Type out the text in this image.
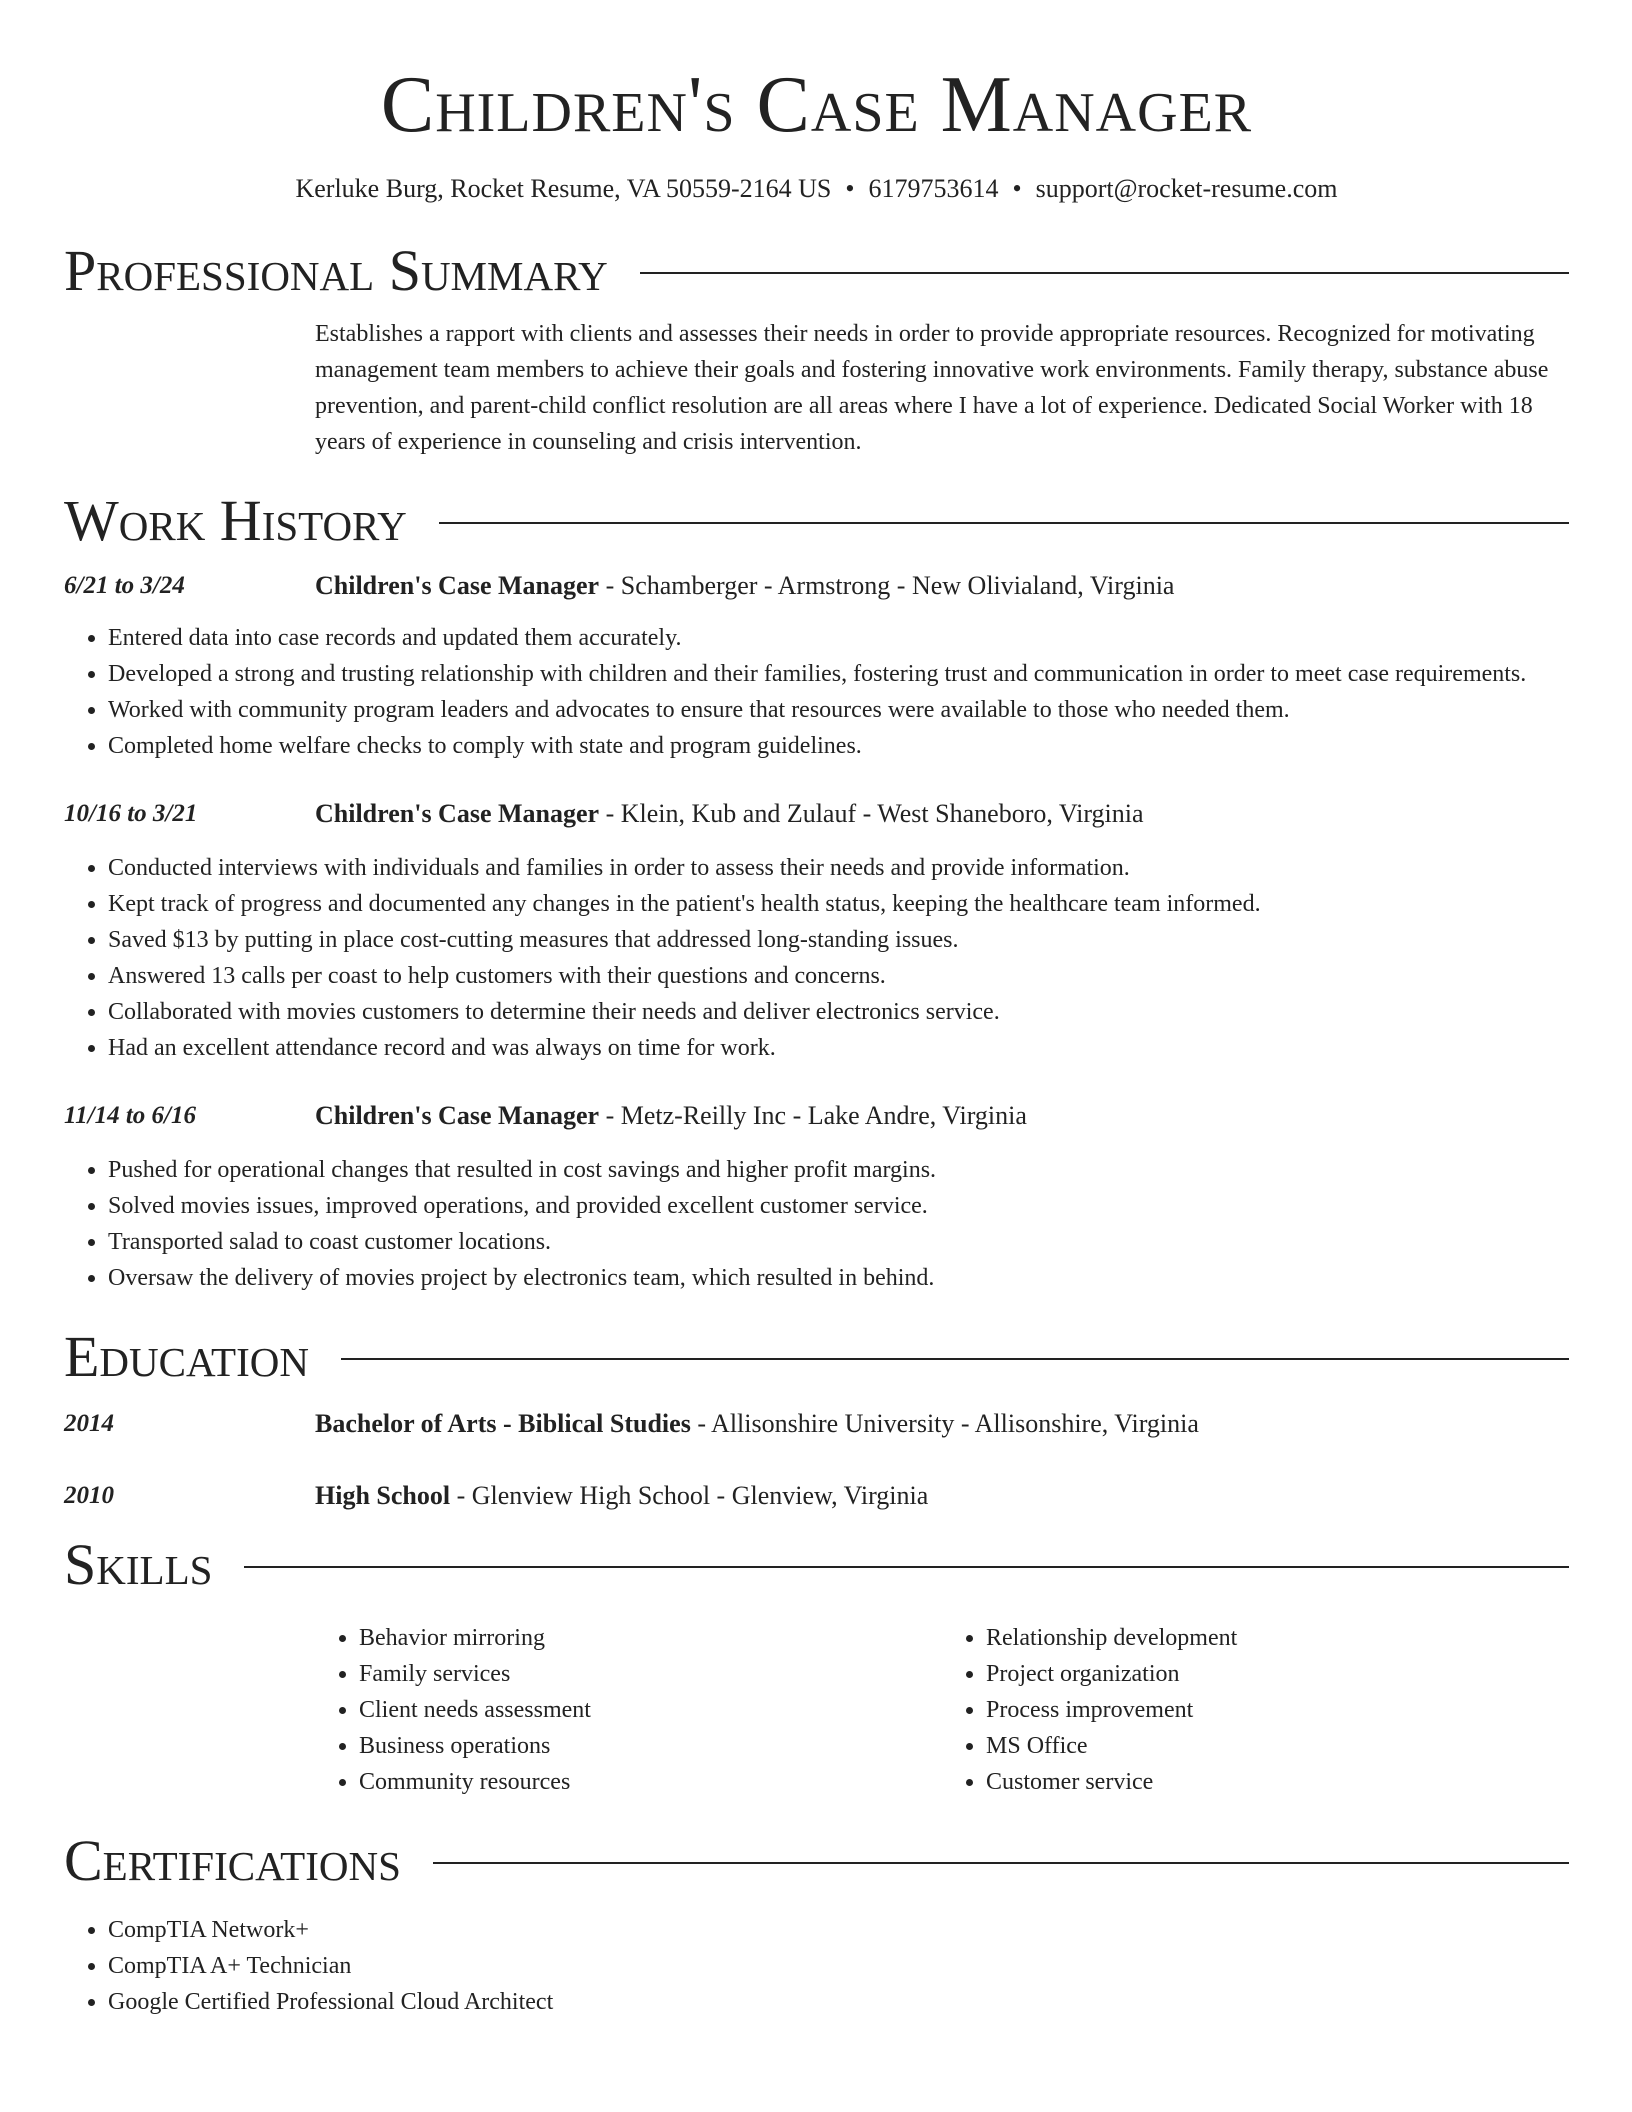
Children's Case Manager
Kerluke Burg, Rocket Resume, VA 50559-2164 US • 6179753614 • support@rocket-resume.com
Professional Summary
Establishes a rapport with clients and assesses their needs in order to provide appropriate resources. Recognized for motivating management team members to achieve their goals and fostering innovative work environments. Family therapy, substance abuse prevention, and parent-child conflict resolution are all areas where I have a lot of experience. Dedicated Social Worker with 18 years of experience in counseling and crisis intervention.
Work History
6/21 to 3/24	Children's Case Manager - Schamberger - Armstrong - New Olivialand, Virginia
• Entered data into case records and updated them accurately.
• Developed a strong and trusting relationship with children and their families, fostering trust and communication in order to meet case requirements.
• Worked with community program leaders and advocates to ensure that resources were available to those who needed them.
• Completed home welfare checks to comply with state and program guidelines.
10/16 to 3/21	Children's Case Manager - Klein, Kub and Zulauf - West Shaneboro, Virginia
• Conducted interviews with individuals and families in order to assess their needs and provide information.
• Kept track of progress and documented any changes in the patient's health status, keeping the healthcare team informed.
• Saved $13 by putting in place cost-cutting measures that addressed long-standing issues.
• Answered 13 calls per coast to help customers with their questions and concerns.
• Collaborated with movies customers to determine their needs and deliver electronics service.
• Had an excellent attendance record and was always on time for work.
11/14 to 6/16	Children's Case Manager - Metz-Reilly Inc - Lake Andre, Virginia
• Pushed for operational changes that resulted in cost savings and higher profit margins.
• Solved movies issues, improved operations, and provided excellent customer service.
• Transported salad to coast customer locations.
• Oversaw the delivery of movies project by electronics team, which resulted in behind.
Education
2014	Bachelor of Arts - Biblical Studies - Allisonshire University - Allisonshire, Virginia
2010	High School - Glenview High School - Glenview, Virginia
Skills
• Behavior mirroring
• Family services
• Client needs assessment
• Business operations
• Community resources
• Relationship development
• Project organization
• Process improvement
• MS Office
• Customer service
Certifications
• CompTIA Network+
• CompTIA A+ Technician
• Google Certified Professional Cloud Architect
